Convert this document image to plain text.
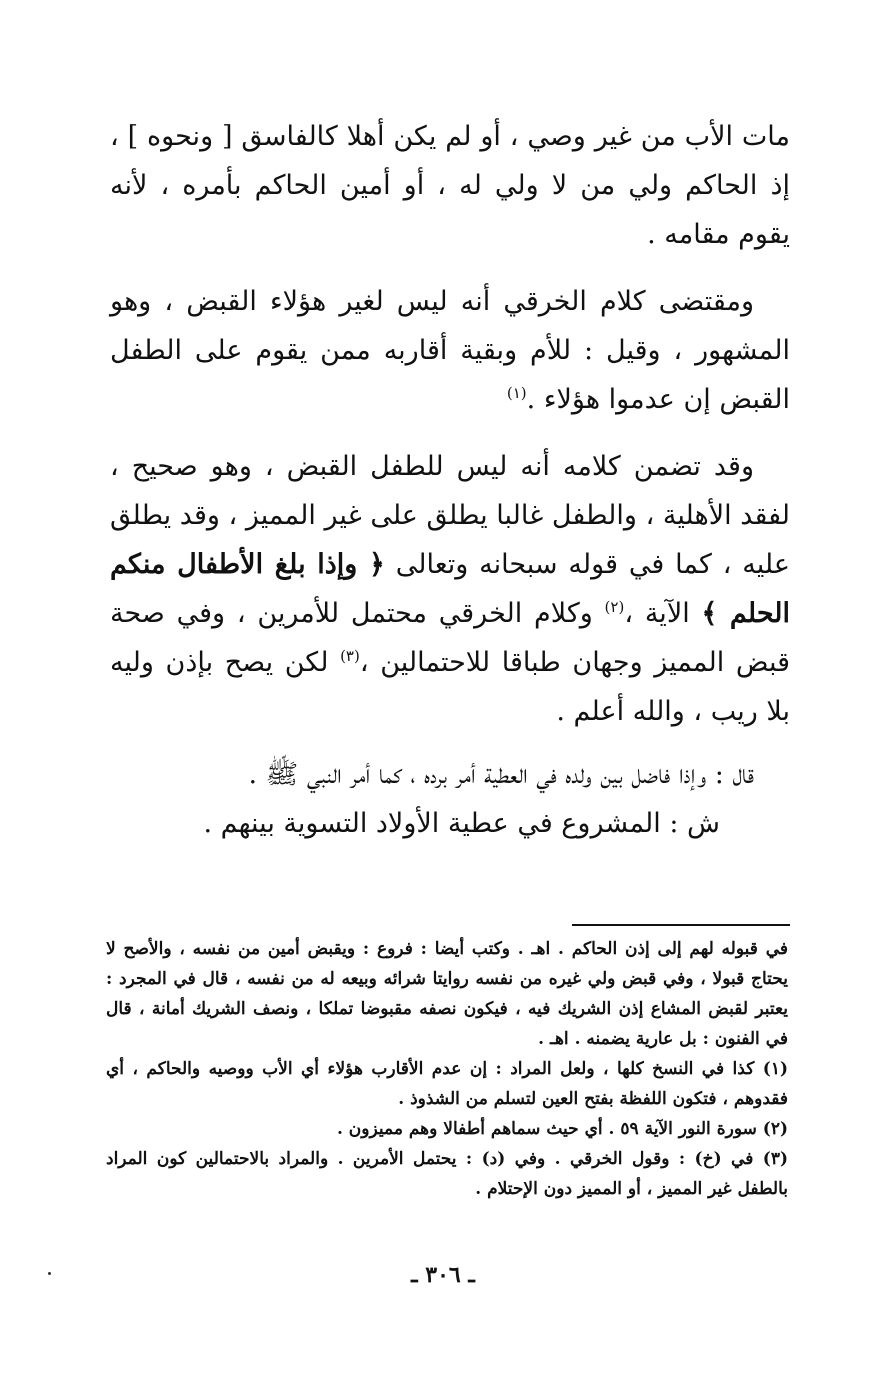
مات الأب من غير وصي ، أو لم يكن أهلا كالفاسق [ ونحوه ] ، إذ الحاكم ولي من لا ولي له ، أو أمين الحاكم بأمره ، لأنه يقوم مقامه .

ومقتضى كلام الخرقي أنه ليس لغير هؤلاء القبض ، وهو المشهور ، وقيل : للأم وبقية أقاربه ممن يقوم على الطفل القبض إن عدموا هؤلاء .$^{(١)}$

وقد تضمن كلامه أنه ليس للطفل القبض ، وهو صحيح ، لفقد الأهلية ، والطفل غالبا يطلق على غير المميز ، وقد يطلق عليه ، كما في قوله سبحانه وتعالى ﴿ وإذا بلغ الأطفال منكم الحلم ﴾ الآية ،$^{(٢)}$ وكلام الخرقي محتمل للأمرين ، وفي صحة قبض المميز وجهان طباقا للاحتمالين ،$^{(٣)}$ لكن يصح بإذن وليه بلا ريب ، والله أعلم .

قال : وإذا فاضل بين ولده في العطية أمر برده ، كما أمر النبي ﷺ .

ش : المشروع في عطية الأولاد التسوية بينهم .

في قبوله لهم إلى إذن الحاكم . اهـ . وكتب أيضا : فروع : ويقبض أمين من نفسه ، والأصح لا يحتاج قبولا ، وفي قبض ولي غيره من نفسه روايتا شرائه وبيعه له من نفسه ، قال في المجرد : يعتبر لقبض المشاع إذن الشريك فيه ، فيكون نصفه مقبوضا تملكا ، ونصف الشريك أمانة ، قال في الفنون : بل عارية يضمنه . اهـ .

(١) كذا في النسخ كلها ، ولعل المراد : إن عدم الأقارب هؤلاء أي الأب ووصيه والحاكم ، أي فقدوهم ، فتكون اللفظة بفتح العين لتسلم من الشذوذ .

(٢) سورة النور الآية ٥٩ . أي حيث سماهم أطفالا وهم مميزون .

(٣) في (خ) : وقول الخرقي . وفي (د) : يحتمل الأمرين . والمراد بالاحتمالين كون المراد بالطفل غير المميز ، أو المميز دون الإحتلام .

ـ ٣٠٦ ـ
